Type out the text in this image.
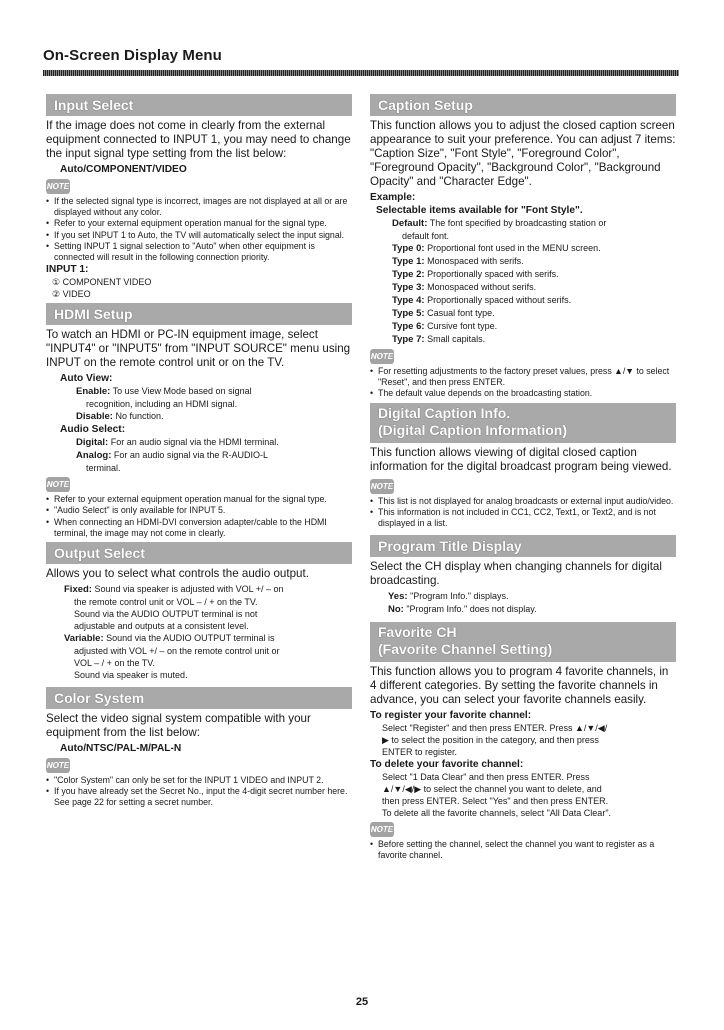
On-Screen Display Menu
Input Select

If the image does not come in clearly from the external equipment connected to INPUT 1, you may need to change the input signal type setting from the list below:

Auto/COMPONENT/VIDEO
NOTE
• If the selected signal type is incorrect, images are not displayed at all or are displayed without any color.
• Refer to your external equipment operation manual for the signal type.
• If you set INPUT 1 to Auto, the TV will automatically select the input signal.
• Setting INPUT 1 signal selection to "Auto" when other equipment is connected will result in the following connection priority.
INPUT 1:
① COMPONENT VIDEO
② VIDEO
HDMI Setup

To watch an HDMI or PC-IN equipment image, select "INPUT4" or "INPUT5" from "INPUT SOURCE" menu using INPUT on the remote control unit or on the TV.

Auto View:
Enable: To use View Mode based on signal
recognition, including an HDMI signal.
Disable: No function.
Audio Select:
Digital: For an audio signal via the HDMI terminal.
Analog: For an audio signal via the R-AUDIO-L
terminal.
NOTE
• Refer to your external equipment operation manual for the signal type.
• "Audio Select" is only available for INPUT 5.
• When connecting an HDMI-DVI conversion adapter/cable to the HDMI terminal, the image may not come in clearly.
Output Select

Allows you to select what controls the audio output.

Fixed: Sound via speaker is adjusted with VOL +/ – on
the remote control unit or VOL – / + on the TV.
Sound via the AUDIO OUTPUT terminal is not
adjustable and outputs at a consistent level.
Variable: Sound via the AUDIO OUTPUT terminal is
adjusted with VOL +/ – on the remote control unit or
VOL – / + on the TV.
Sound via speaker is muted.
Color System

Select the video signal system compatible with your equipment from the list below:

Auto/NTSC/PAL-M/PAL-N
NOTE
• "Color System" can only be set for the INPUT 1 VIDEO and INPUT 2.
• If you have already set the Secret No., input the 4-digit secret number here. See page 22 for setting a secret number.
Caption Setup

This function allows you to adjust the closed caption screen appearance to suit your preference. You can adjust 7 items: "Caption Size", "Font Style", "Foreground Color", "Foreground Opacity", "Background Color", "Background Opacity" and "Character Edge".

Example:
Selectable items available for "Font Style".
Default: The font specified by broadcasting station or
default font.
Type 0: Proportional font used in the MENU screen.
Type 1: Monospaced with serifs.
Type 2: Proportionally spaced with serifs.
Type 3: Monospaced without serifs.
Type 4: Proportionally spaced without serifs.
Type 5: Casual font type.
Type 6: Cursive font type.
Type 7: Small capitals.
NOTE
• For resetting adjustments to the factory preset values, press ▲/▼ to select "Reset", and then press ENTER.
• The default value depends on the broadcasting station.
Digital Caption Info.
(Digital Caption Information)

This function allows viewing of digital closed caption information for the digital broadcast program being viewed.

NOTE
• This list is not displayed for analog broadcasts or external input audio/video.
• This information is not included in CC1, CC2, Text1, or Text2, and is not displayed in a list.
Program Title Display

Select the CH display when changing channels for digital broadcasting.

Yes: "Program Info." displays.
No: "Program Info." does not display.
Favorite CH
(Favorite Channel Setting)

This function allows you to program 4 favorite channels, in 4 different categories. By setting the favorite channels in advance, you can select your favorite channels easily.

To register your favorite channel:
Select "Register" and then press ENTER. Press ▲/▼/◀/
▶ to select the position in the category, and then press
ENTER to register.
To delete your favorite channel:
Select "1 Data Clear" and then press ENTER. Press
▲/▼/◀/▶ to select the channel you want to delete, and
then press ENTER. Select "Yes" and then press ENTER.
To delete all the favorite channels, select "All Data Clear".
NOTE
• Before setting the channel, select the channel you want to register as a favorite channel.
25
